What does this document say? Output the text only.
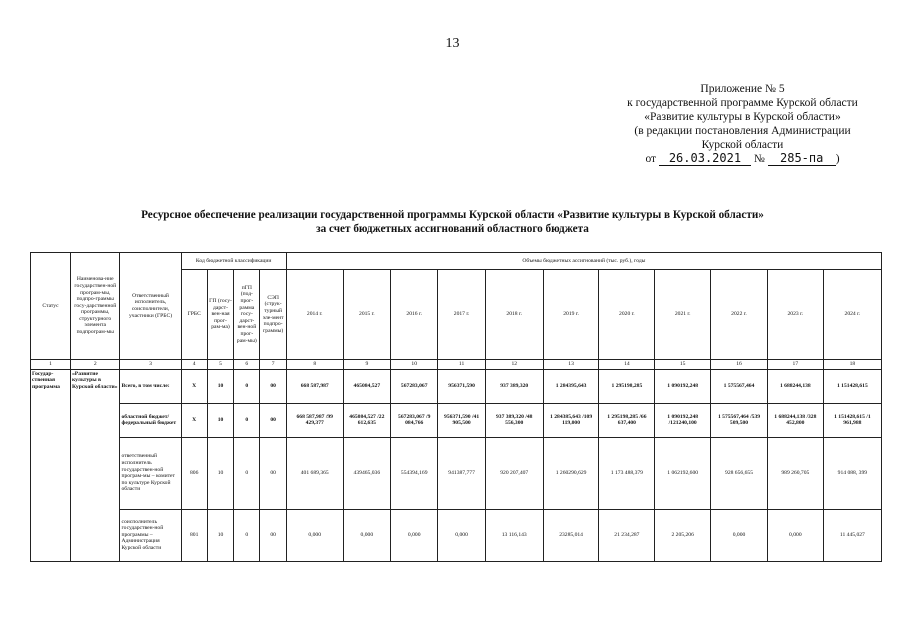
13
Приложение № 5
к государственной программе Курской области
«Развитие культуры в Курской области»
(в редакции постановления Администрации
Курской области
от 26.03.2021 № 285-па )
Ресурсное обеспечение реализации государственной программы Курской области «Развитие культуры в Курской области»
за счет бюджетных ассигнований областного бюджета
Статус	Наименова-ние государствен-ной програм-мы, подпро-граммы госу-дарственной программы, структурного элемента подпрограм-мы	Ответственный исполнитель, соисполнители, участники (ГРБС)	Код бюджетной классификации				Объемы бюджетных ассигнований (тыс. руб.), годы										
			ГРБС	ГП (госу-дарст-вен-ная прог-рам-ма)	пГП (под-прог-рамма госу-дарст-вен-ной прог-рам-мы)	СЭП (струк-турный эле-мент подпро-граммы)	2014 г.	2015 г.	2016 г.	2017 г.	2018 г.	2019 г.	2020 г.	2021 г.	2022 г.	2023 г.	2024 г.
1	2	3	4	5	6	7	8	9	10	11	12	13	14	15	16	17	18
Государ-ственная программа	«Развитие культуры в Курской области»	Всего, в том числе:	Х	10	0	00	668 587,987	465084,527	567283,067	956371,590	937 389,320	1 284395,643	1 295198,285	1 090192,248	1 575567,464	1 688244,138	1 151428,615
		областной бюджет/ федеральный бюджет	Х	10	0	00	668 587,987 /99 429,377	465084,527 /22 612,635	567283,067 /9 084,766	956371,590 /41 905,500	937 389,320 /48 556,300	1 284385,643 /109 119,000	1 295198,285 /66 637,400	1 090192,248 /121240,100	1 575567,464 /539 509,500	1 688244,138 /328 452,800	1 151428,615 /1 961,988
		ответственный исполнитель государствен-ной програм-мы – комитет по культуре Курской области	806	10	0	00	401 689,365	439465,036	554394,169	941387,777	920 207,407	1 260290,629	1 173 488,379	1 062192,600	928 656,655	989 260,705	914 088, 399
		соисполнитель государствен-ной программы – Администрация Курской области	801	10	0	00	0,000	0,000	0,000	0,000	13 116,143	23285,014	21 234,287	2 205,206	0,000	0,000	11 445,027
